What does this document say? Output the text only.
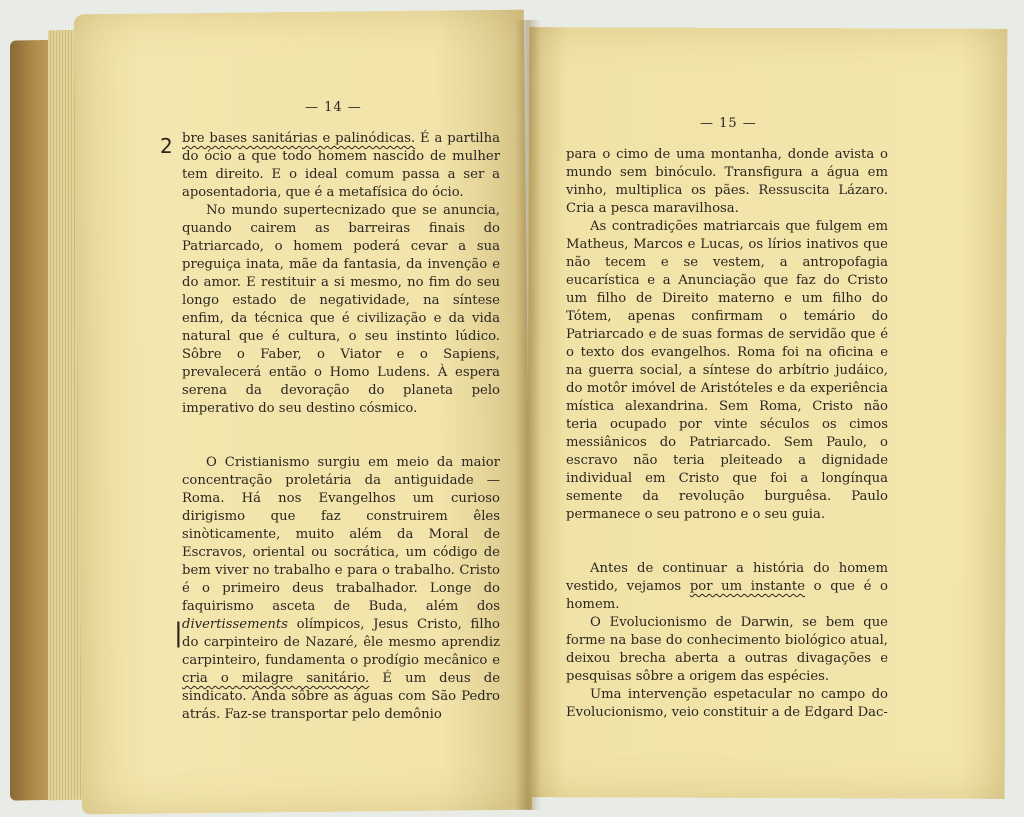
— 14 —
2
|

bre bases sanitárias e palinódicas. É a partilha do ócio a que todo homem nascido de mulher tem direito. E o ideal comum passa a ser a aposentadoria, que é a metafísica do ócio.

No mundo supertecnizado que se anuncia, quando cairem as barreiras finais do Patriarcado, o homem poderá cevar a sua preguiça inata, mãe da fantasia, da invenção e do amor. E restituir a si mesmo, no fim do seu longo estado de negatividade, na síntese enfim, da técnica que é civilização e da vida natural que é cultura, o seu instinto lúdico. Sôbre o Faber, o Viator e o Sapiens, prevalecerá então o Homo Ludens. À espera serena da devoração do planeta pelo imperativo do seu destino cósmico.

O Cristianismo surgiu em meio da maior concentração proletária da antiguidade — Roma. Há nos Evangelhos um curioso dirigismo que faz construirem êles sinòticamente, muito além da Moral de Escravos, oriental ou socrática, um código de bem viver no trabalho e para o trabalho. Cristo é o primeiro deus trabalhador. Longe do faquirismo asceta de Buda, além dos divertissements olímpicos, Jesus Cristo, filho do carpinteiro de Nazaré, êle mesmo aprendiz carpinteiro, fundamenta o prodígio mecânico e cria o milagre sanitário. É um deus de sindicato. Anda sôbre as águas com São Pedro atrás. Faz-se transportar pelo demônio

— 15 —

para o cimo de uma montanha, donde avista o mundo sem binóculo. Transfigura a água em vinho, multiplica os pães. Ressuscita Lázaro. Cria a pesca maravilhosa.

As contradições matriarcais que fulgem em Matheus, Marcos e Lucas, os lírios inativos que não tecem e se vestem, a antropofagia eucarística e a Anunciação que faz do Cristo um filho de Direito materno e um filho do Tótem, apenas confirmam o temário do Patriarcado e de suas formas de servidão que é o texto dos evangelhos. Roma foi na oficina e na guerra social, a síntese do arbítrio judáico, do motôr imóvel de Aristóteles e da experiência mística alexandrina. Sem Roma, Cristo não teria ocupado por vinte séculos os cimos messiânicos do Patriarcado. Sem Paulo, o escravo não teria pleiteado a dignidade individual em Cristo que foi a longínqua semente da revolução burguêsa. Paulo permanece o seu patrono e o seu guia.

Antes de continuar a história do homem vestido, vejamos por um instante o que é o homem.

O Evolucionismo de Darwin, se bem que forme na base do conhecimento biológico atual, deixou brecha aberta a outras divagações e pesquisas sôbre a origem das espécies.

Uma intervenção espetacular no campo do Evolucionismo, veio constituir a de Edgard Dac-
